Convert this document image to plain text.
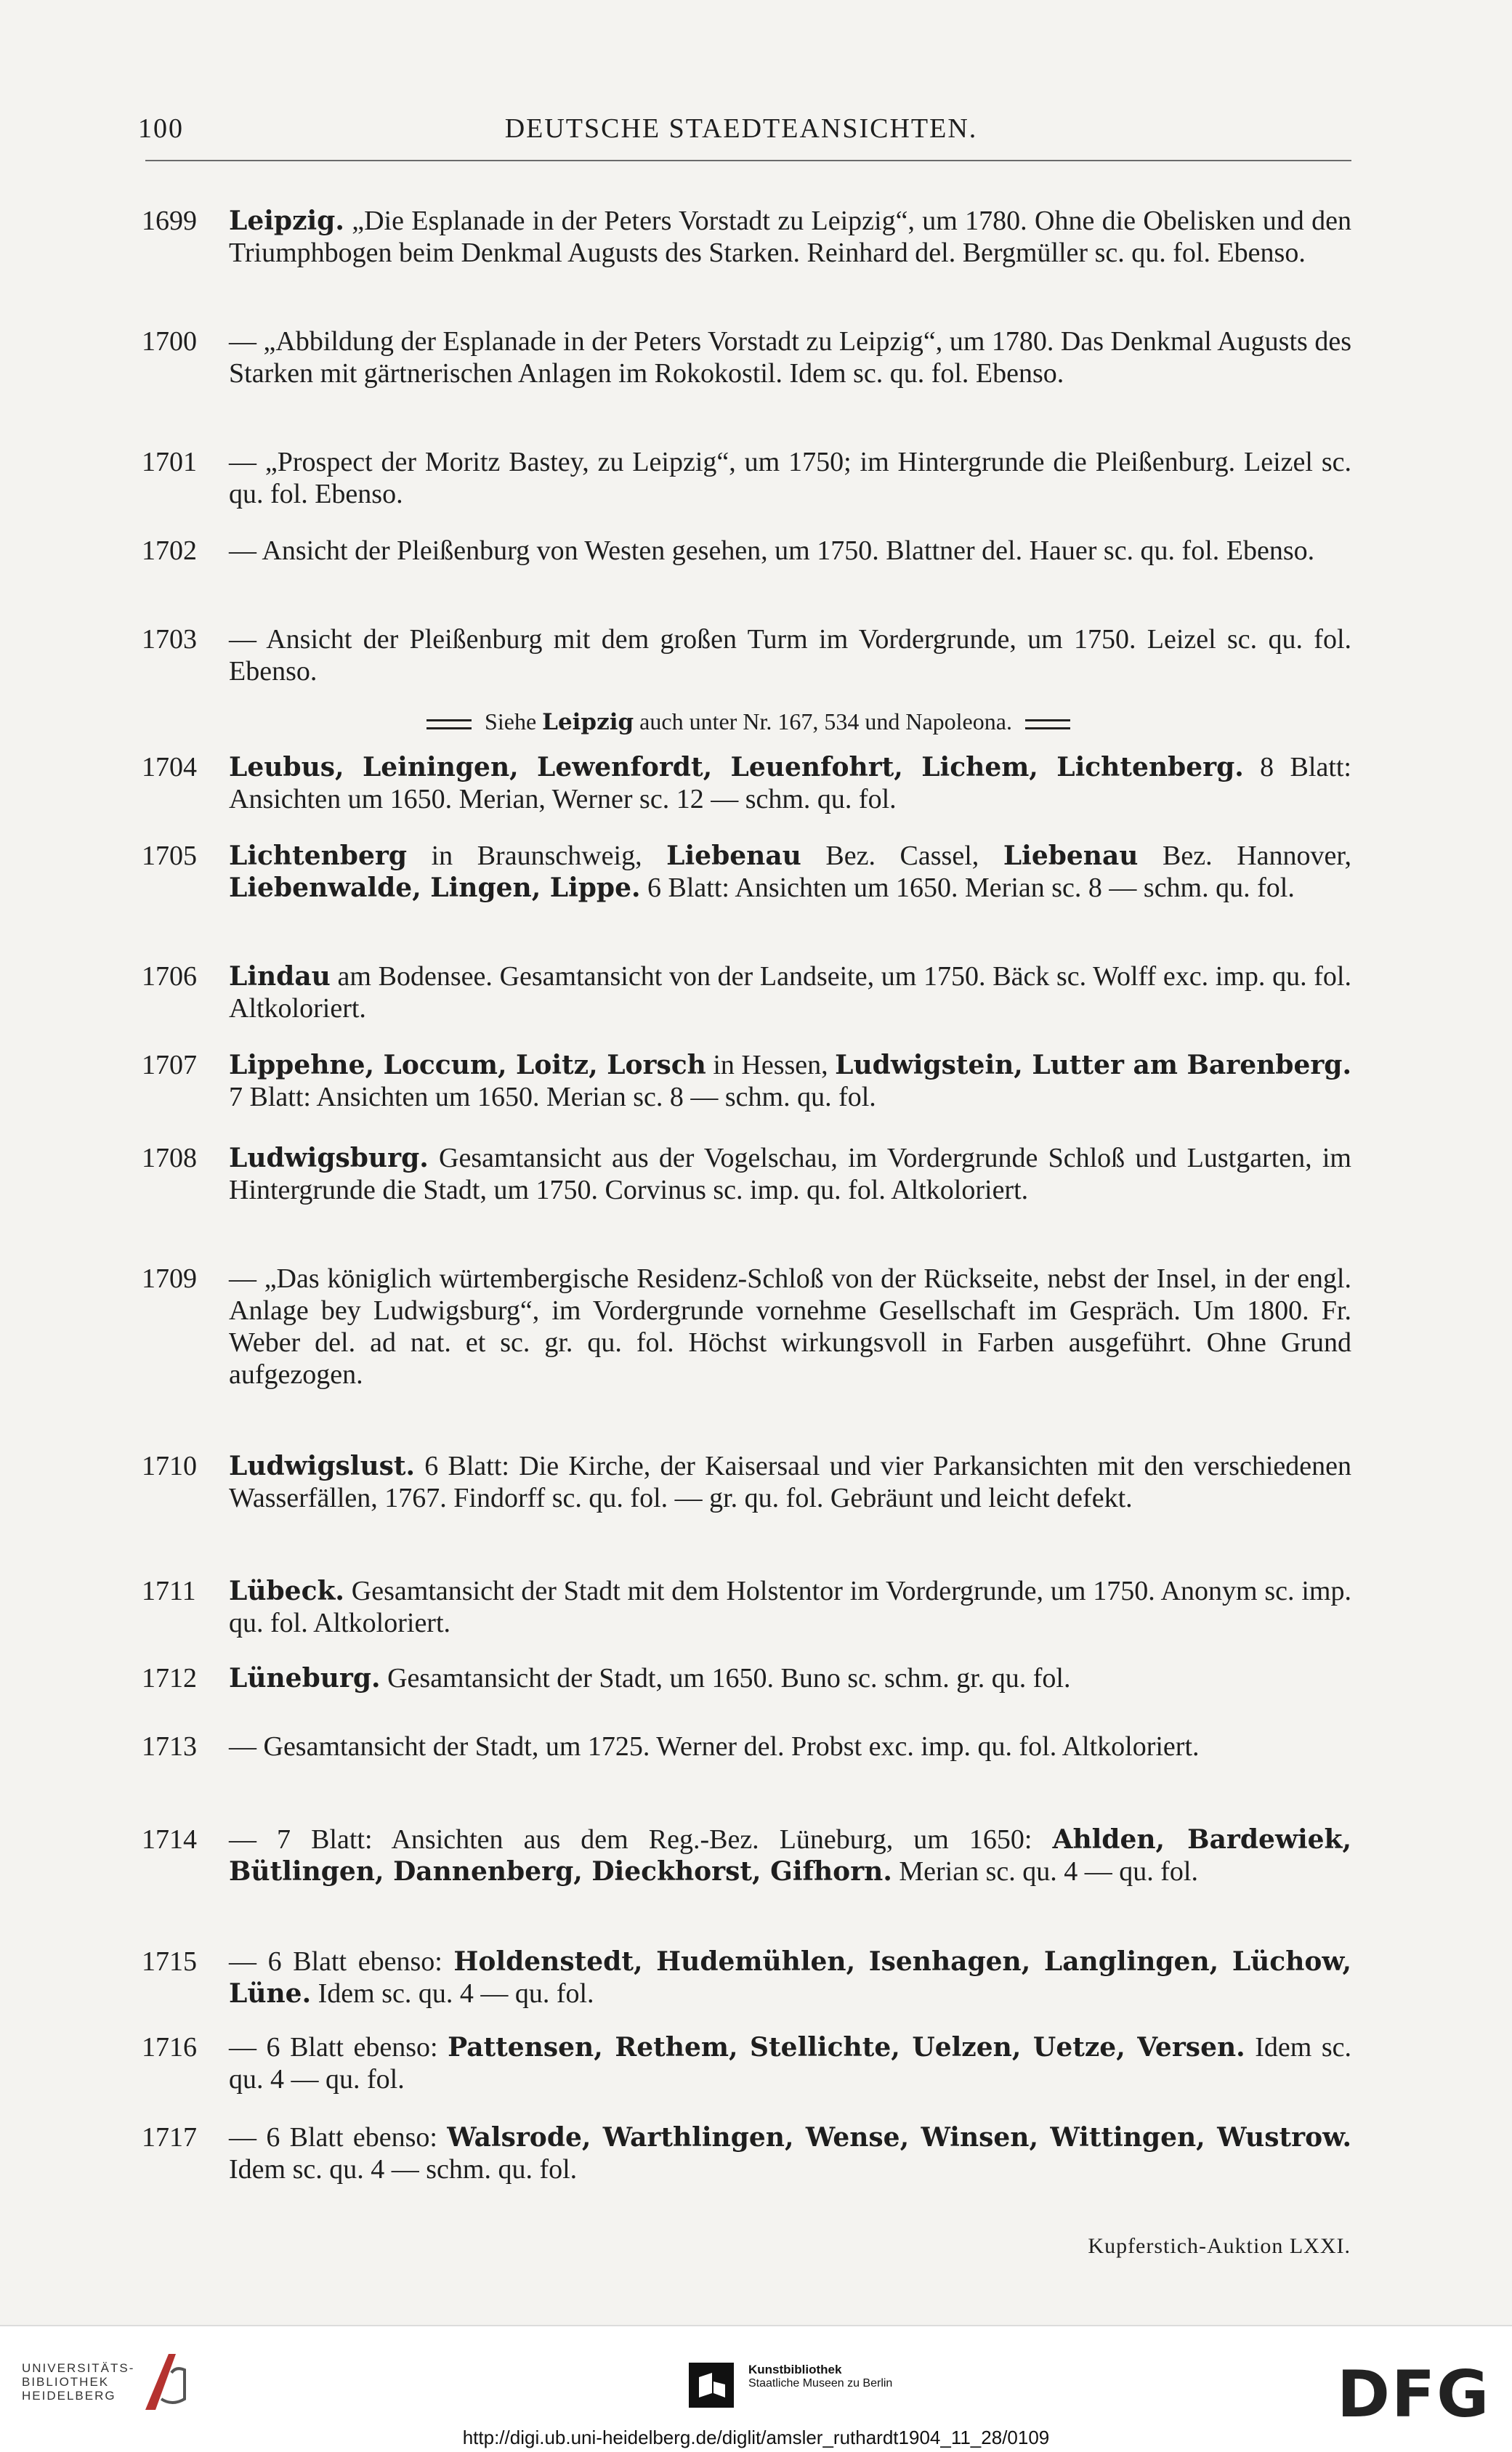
100	DEUTSCHE STAEDTEANSICHTEN.
1699	Leipzig. „Die Esplanade in der Peters Vorstadt zu Leipzig“, um 1780. Ohne die Obelisken und den Triumphbogen beim Denkmal Augusts des Starken. Reinhard del. Bergmüller sc. qu. fol. Ebenso.
1700	— „Abbildung der Esplanade in der Peters Vorstadt zu Leipzig“, um 1780. Das Denkmal Augusts des Starken mit gärtnerischen Anlagen im Rokokostil. Idem sc. qu. fol. Ebenso.
1701	— „Prospect der Moritz Bastey, zu Leipzig“, um 1750; im Hintergrunde die Pleißenburg. Leizel sc. qu. fol. Ebenso.
1702	— Ansicht der Pleißenburg von Westen gesehen, um 1750. Blattner del. Hauer sc. qu. fol. Ebenso.
1703	— Ansicht der Pleißenburg mit dem großen Turm im Vordergrunde, um 1750. Leizel sc. qu. fol. Ebenso.
1704	Leubus, Leiningen, Lewenfordt, Leuenfohrt, Lichem, Lichtenberg. 8 Blatt: Ansichten um 1650. Merian, Werner sc. 12 — schm. qu. fol.
1705	Lichtenberg in Braunschweig, Liebenau Bez. Cassel, Liebenau Bez. Hannover, Liebenwalde, Lingen, Lippe. 6 Blatt: Ansichten um 1650. Merian sc. 8 — schm. qu. fol.
1706	Lindau am Bodensee. Gesamtansicht von der Landseite, um 1750. Bäck sc. Wolff exc. imp. qu. fol. Altkoloriert.
1707	Lippehne, Loccum, Loitz, Lorsch in Hessen, Ludwigstein, Lutter am Barenberg. 7 Blatt: Ansichten um 1650. Merian sc. 8 — schm. qu. fol.
1708	Ludwigsburg. Gesamtansicht aus der Vogelschau, im Vordergrunde Schloß und Lustgarten, im Hintergrunde die Stadt, um 1750. Corvinus sc. imp. qu. fol. Altkoloriert.
1709	— „Das königlich würtembergische Residenz-Schloß von der Rückseite, nebst der Insel, in der engl. Anlage bey Ludwigsburg“, im Vordergrunde vornehme Gesellschaft im Gespräch. Um 1800. Fr. Weber del. ad nat. et sc. gr. qu. fol. Höchst wirkungsvoll in Farben ausgeführt. Ohne Grund aufgezogen.
1710	Ludwigslust. 6 Blatt: Die Kirche, der Kaisersaal und vier Parkansichten mit den verschiedenen Wasserfällen, 1767. Findorff sc. qu. fol. — gr. qu. fol. Gebräunt und leicht defekt.
1711	Lübeck. Gesamtansicht der Stadt mit dem Holstentor im Vordergrunde, um 1750. Anonym sc. imp. qu. fol. Altkoloriert.
1712	Lüneburg. Gesamtansicht der Stadt, um 1650. Buno sc. schm. gr. qu. fol.
1713	— Gesamtansicht der Stadt, um 1725. Werner del. Probst exc. imp. qu. fol. Altkoloriert.
1714	— 7 Blatt: Ansichten aus dem Reg.-Bez. Lüneburg, um 1650: Ahlden, Bardewiek, Bütlingen, Dannenberg, Dieckhorst, Gifhorn. Merian sc. qu. 4 — qu. fol.
1715	— 6 Blatt ebenso: Holdenstedt, Hudemühlen, Isenhagen, Langlingen, Lüchow, Lüne. Idem sc. qu. 4 — qu. fol.
1716	— 6 Blatt ebenso: Pattensen, Rethem, Stellichte, Uelzen, Uetze, Versen. Idem sc. qu. 4 — qu. fol.
1717	— 6 Blatt ebenso: Walsrode, Warthlingen, Wense, Winsen, Wittingen, Wustrow. Idem sc. qu. 4 — schm. qu. fol.
Siehe Leipzig auch unter Nr. 167, 534 und Napoleona.
Kupferstich-Auktion LXXI.
UNIVERSITÄTS-
BIBLIOTHEK
HEIDELBERG
Kunstbibliothek
Staatliche Museen zu Berlin	DFG
http://digi.ub.uni-heidelberg.de/diglit/amsler_ruthardt1904_11_28/0109
